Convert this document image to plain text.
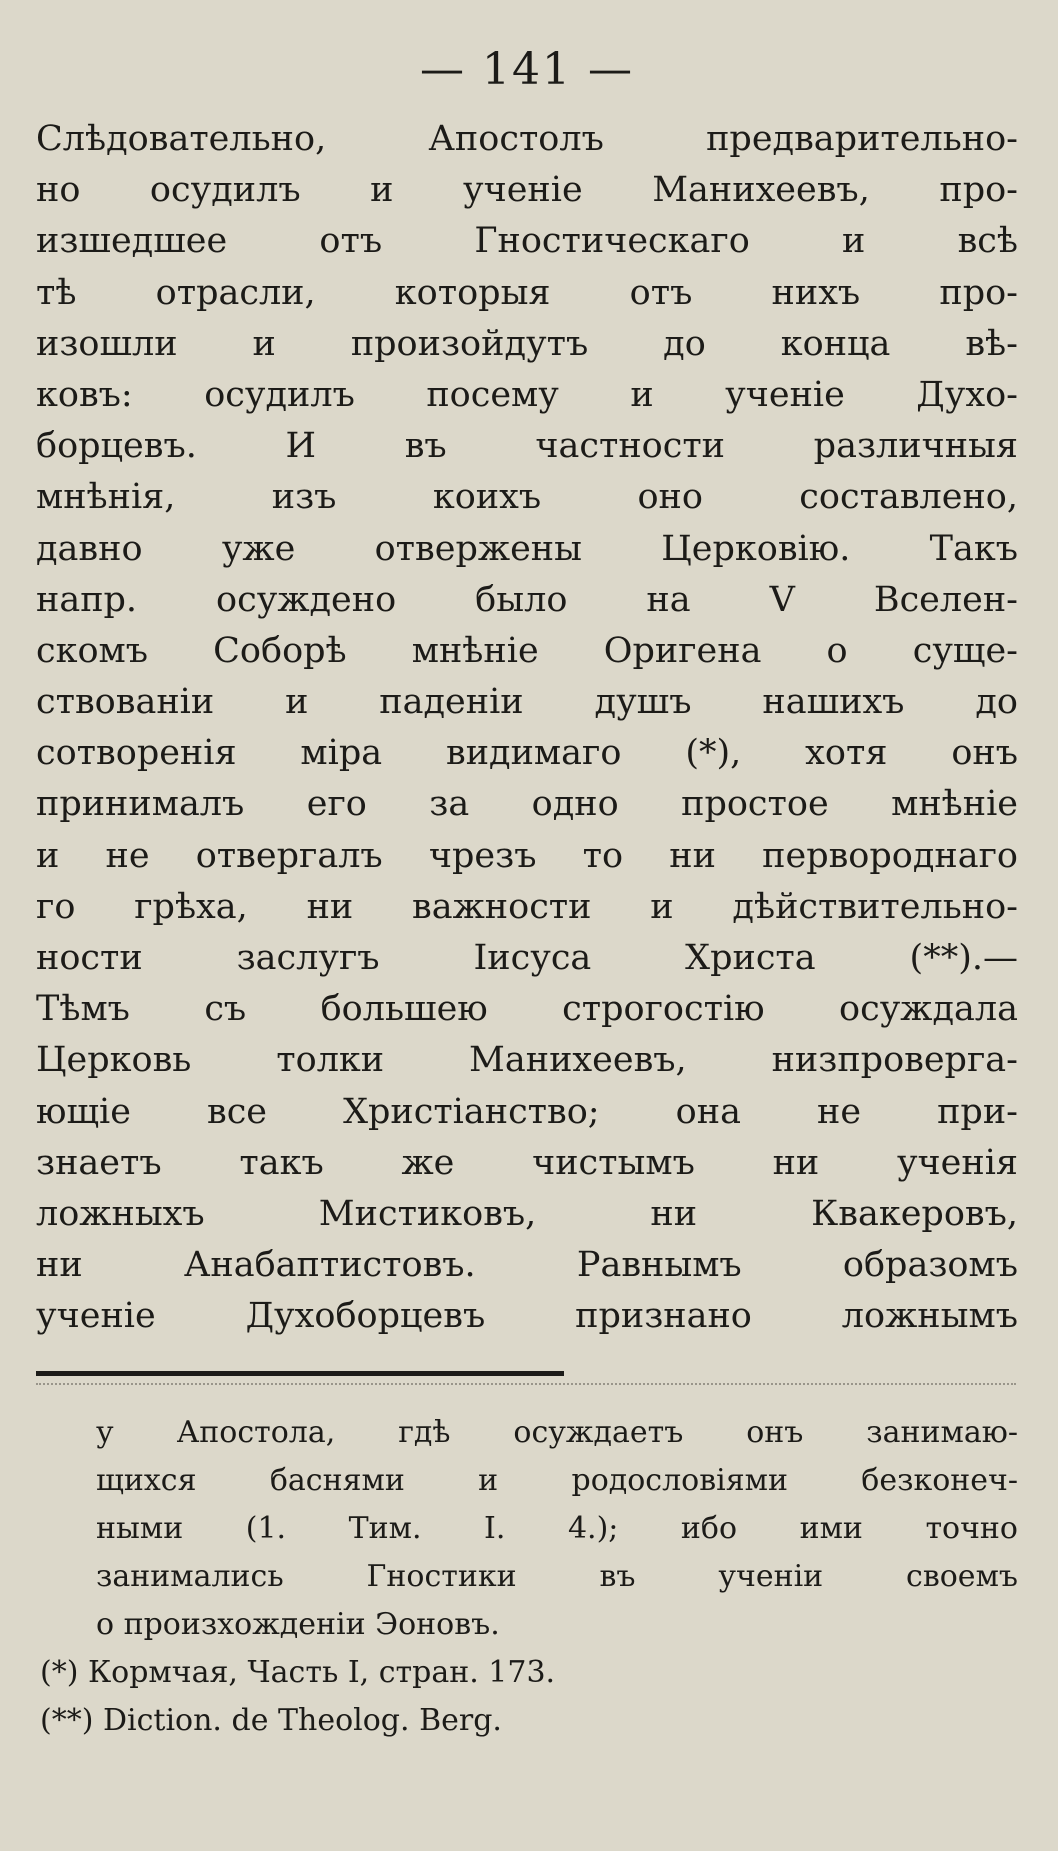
— 141 —
Слѣдовательно, Апостолъ предварительно-
но осудилъ и ученіе Манихеевъ, про-
изшедшее отъ Гностическаго и всѣ
тѣ отрасли, которыя отъ нихъ про-
изошли и произойдутъ до конца вѣ-
ковъ: осудилъ посему и ученіе Духо-
борцевъ. И въ частности различныя
мнѣнія, изъ коихъ оно составлено,
давно уже отвержены Церковію. Такъ
напр. осуждено было на V Вселен-
скомъ Соборѣ мнѣніе Оригена о суще-
ствованіи и паденіи душъ нашихъ до
сотворенія міра видимаго (*), хотя онъ
принималъ его за одно простое мнѣніе
и не отвергалъ чрезъ то ни первороднаго
го грѣха, ни важности и дѣйствительно-
ности заслугъ Іисуса Христа (**).—
Тѣмъ съ большею строгостію осуждала
Церковь толки Манихеевъ, низпроверга-
ющіе все Христіанство; она не при-
знаетъ такъ же чистымъ ни ученія
ложныхъ Мистиковъ, ни Квакеровъ,
ни Анабаптистовъ. Равнымъ образомъ
ученіе Духоборцевъ признано ложнымъ
у Апостола, гдѣ осуждаетъ онъ занимаю-
щихся баснями и родословіями безконеч-
ными (1. Тим. I. 4.); ибо ими точно
занимались Гностики въ ученіи своемъ
о произхожденіи Эоновъ.
(*) Кормчая, Часть I, стран. 173.
(**) Diction. de Theolog. Berg.
